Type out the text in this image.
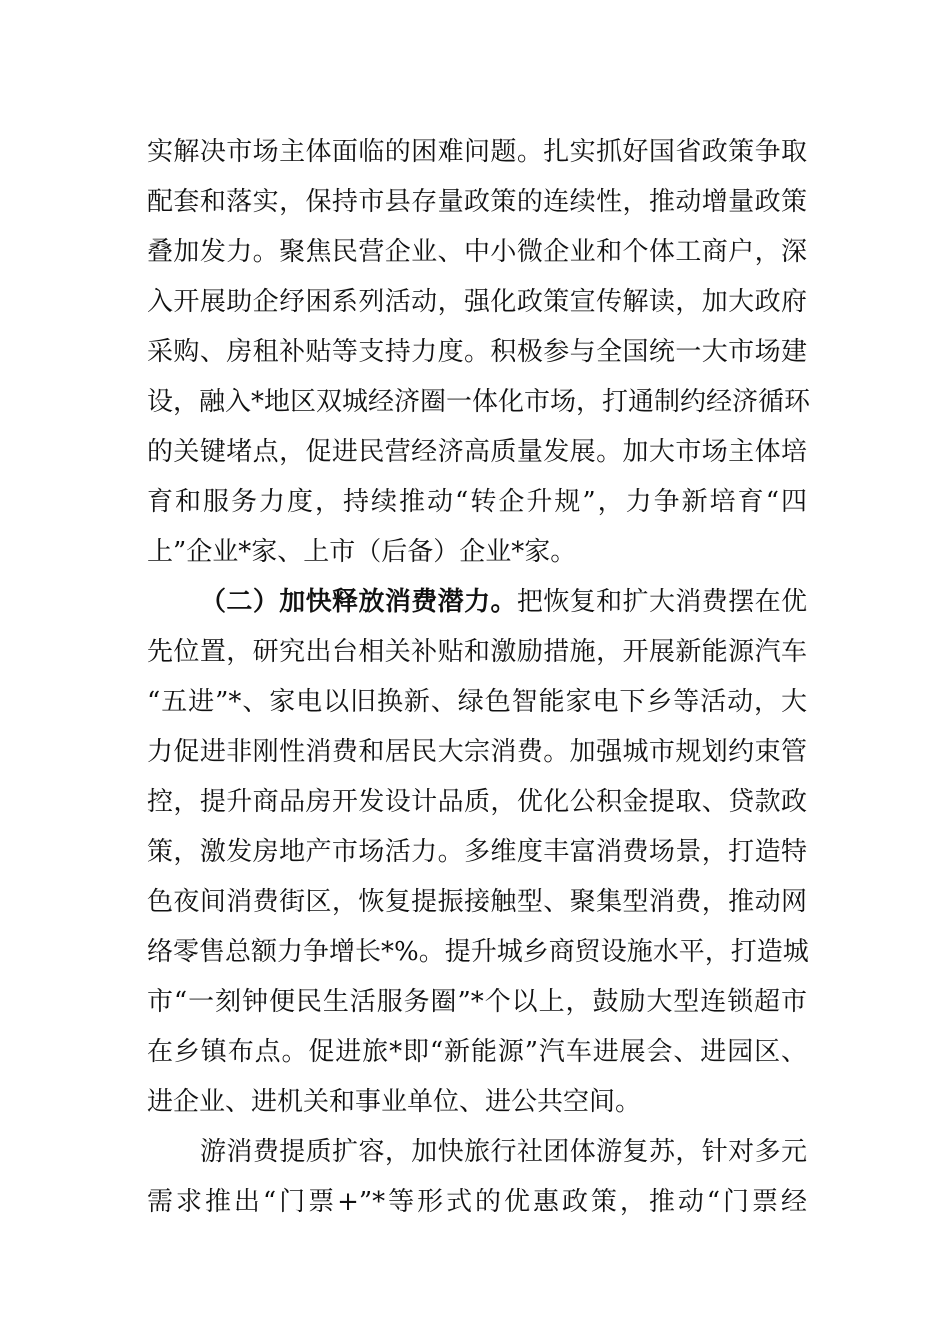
实解决市场主体面临的困难问题。扎实抓好国省政策争取
配套和落实，保持市县存量政策的连续性，推动增量政策
叠加发力。聚焦民营企业、中小微企业和个体工商户，深
入开展助企纾困系列活动，强化政策宣传解读，加大政府
采购、房租补贴等支持力度。积极参与全国统一大市场建
设，融入*地区双城经济圈一体化市场，打通制约经济循环
的关键堵点，促进民营经济高质量发展。加大市场主体培
育和服务力度，持续推动“转企升规”，力争新培育“四
上”企业*家、上市（后备）企业*家。
（二）加快释放消费潜力。把恢复和扩大消费摆在优
先位置，研究出台相关补贴和激励措施，开展新能源汽车
“五进”*、家电以旧换新、绿色智能家电下乡等活动，大
力促进非刚性消费和居民大宗消费。加强城市规划约束管
控，提升商品房开发设计品质，优化公积金提取、贷款政
策，激发房地产市场活力。多维度丰富消费场景，打造特
色夜间消费街区，恢复提振接触型、聚集型消费，推动网
络零售总额力争增长*%。提升城乡商贸设施水平，打造城
市“一刻钟便民生活服务圈”*个以上，鼓励大型连锁超市
在乡镇布点。促进旅*即“新能源”汽车进展会、进园区、
进企业、进机关和事业单位、进公共空间。
游消费提质扩容，加快旅行社团体游复苏，针对多元
需求推出“门票+”*等形式的优惠政策，推动“门票经
